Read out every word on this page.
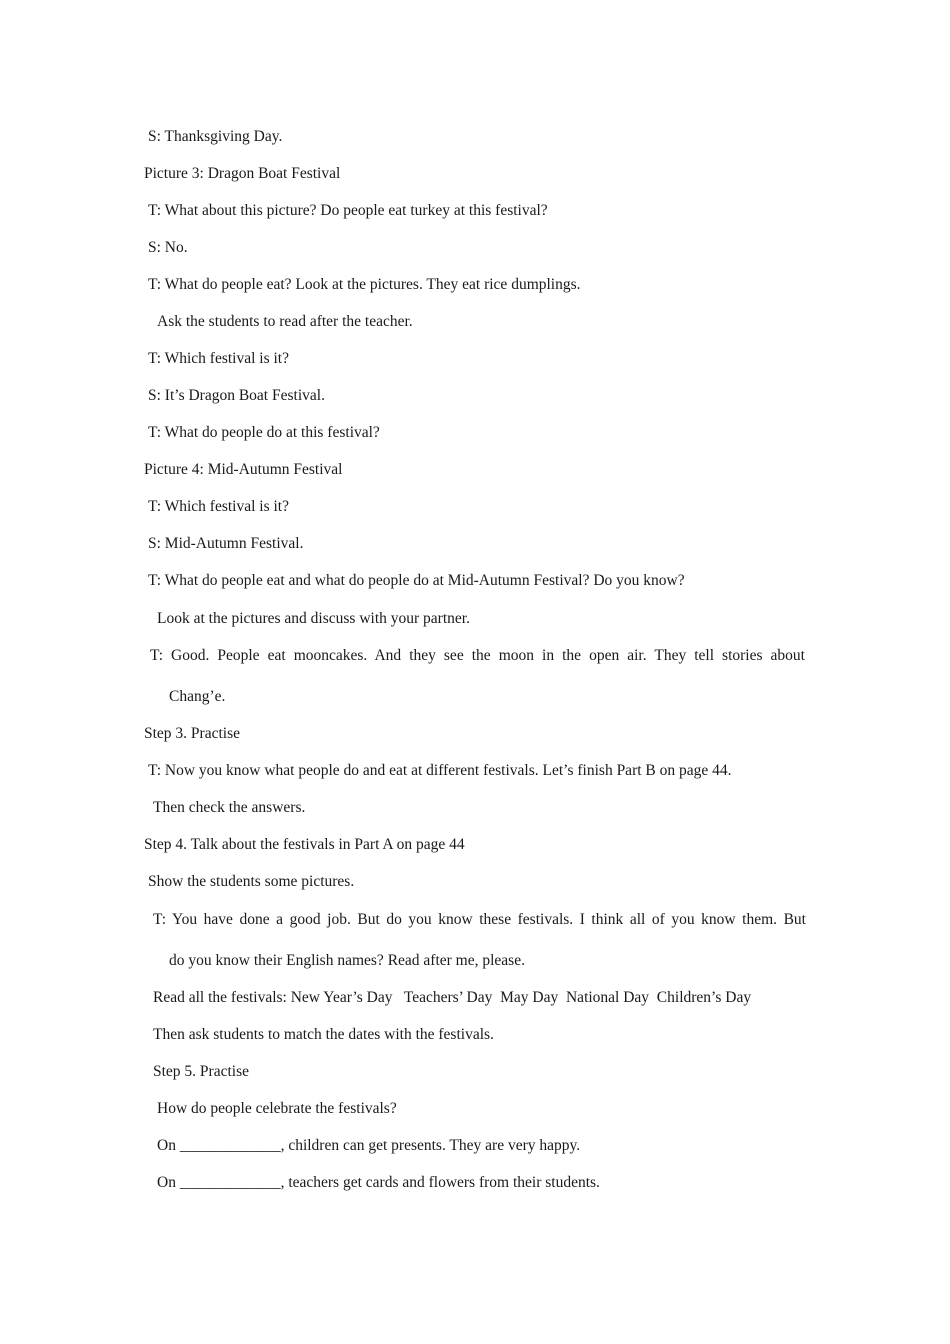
S: Thanksgiving Day.
Picture 3: Dragon Boat Festival
T: What about this picture? Do people eat turkey at this festival?
S: No.
T: What do people eat? Look at the pictures. They eat rice dumplings.
Ask the students to read after the teacher.
T: Which festival is it?
S: It’s Dragon Boat Festival.
T: What do people do at this festival?
Picture 4: Mid-Autumn Festival
T: Which festival is it?
S: Mid-Autumn Festival.
T: What do people eat and what do people do at Mid-Autumn Festival? Do you know?
Look at the pictures and discuss with your partner.
T: Good. People eat mooncakes. And they see the moon in the open air. They tell stories about
Chang’e.
Step 3. Practise
T: Now you know what people do and eat at different festivals. Let’s finish Part B on page 44.
Then check the answers.
Step 4. Talk about the festivals in Part A on page 44
Show the students some pictures.
T: You have done a good job. But do you know these festivals. I think all of you know them. But
do you know their English names? Read after me, please.
Read all the festivals: New Year’s Day   Teachers’ Day  May Day  National Day  Children’s Day
Then ask students to match the dates with the festivals.
Step 5. Practise
How do people celebrate the festivals?
On _____________, children can get presents. They are very happy.
On _____________, teachers get cards and flowers from their students.
